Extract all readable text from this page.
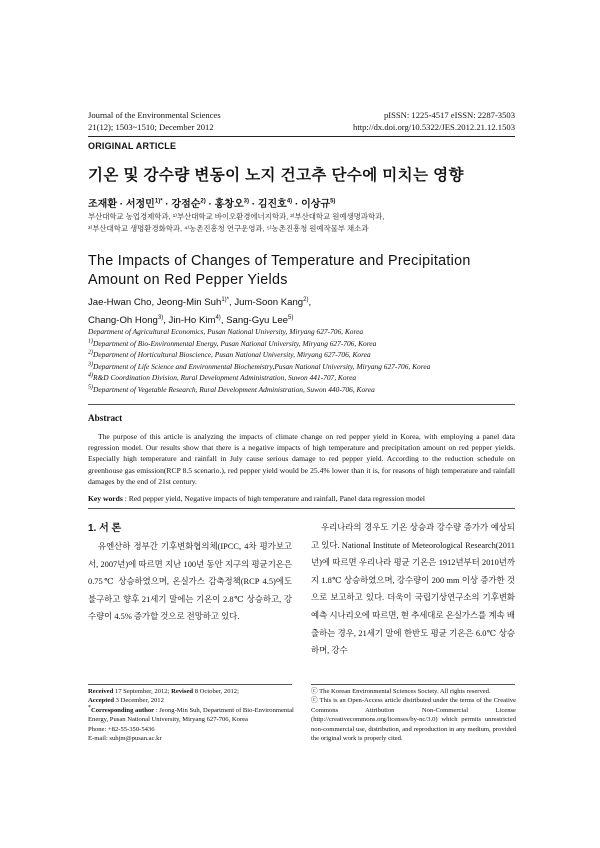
Journal of the Environmental Sciences
21(12); 1503~1510; December 2012
pISSN: 1225-4517 eISSN: 2287-3503
http://dx.doi.org/10.5322/JES.2012.21.12.1503
ORIGINAL ARTICLE
기온 및 강수량 변동이 노지 건고추 단수에 미치는 영향
조재환 · 서정민$^{1)*}$ · 강점순$^{2)}$ · 홍창오$^{3)}$ · 김진호$^{4)}$ · 이상규$^{5)}$
부산대학교 농업경제학과, ¹⁾부산대학교 바이오환경에너지학과, ²⁾부산대학교 원예생명과학과,
³⁾부산대학교 생명환경화학과, ⁴⁾농촌진흥청 연구운영과, ⁵⁾농촌진흥청 원예작물부 채소과
The Impacts of Changes of Temperature and Precipitation Amount on Red Pepper Yields
Jae-Hwan Cho, Jeong-Min Suh$^{1)*}$, Jum-Soon Kang$^{2)}$,
Chang-Oh Hong$^{3)}$, Jin-Ho Kim$^{4)}$, Sang-Gyu Lee$^{5)}$
Department of Agricultural Economics, Pusan National University, Miryang 627-706, Korea
$^{1)}$Department of Bio-Environmental Energy, Pusan National University, Miryang 627-706, Korea
$^{2)}$Department of Horticultural Bioscience, Pusan National University, Miryang 627-706, Korea
$^{3)}$Department of Life Science and Environmental Biochemistry,Pusan National University, Miryang 627-706, Korea
$^{4)}$R&D Coordination Division, Rural Development Administration, Suwon 441-707, Korea
$^{5)}$Department of Vegetable Research, Rural Development Administration, Suwon 440-706, Korea
Abstract
The purpose of this article is analyzing the impacts of climate change on red pepper yield in Korea, with employing a panel data regression model. Our results show that there is a negative impacts of high temperature and precipitation amount on red pepper yields. Especially high temperature and rainfall in July cause serious damage to red pepper yield. According to the reduction schedule on greenhouse gas emission(RCP 8.5 scenario.), red pepper yield would be 25.4% lower than it is, for reasons of high temperature and rainfall damages by the end of 21st century.
Key words : Red pepper yield, Negative impacts of high temperature and rainfall, Panel data regression model
1. 서 론
유엔산하 정부간 기후변화협의체(IPCC, 4차 평가보고서, 2007년)에 따르면 지난 100년 동안 지구의 평균기온은 0.75℃ 상승하였으며, 온실가스 감축정책(RCP 4.5)에도 불구하고 향후 21세기 말에는 기온이 2.8℃ 상승하고, 강수량이 4.5% 증가할 것으로 전망하고 있다.
우리나라의 경우도 기온 상승과 강수량 증가가 예상되고 있다. National Institute of Meteorological Research(2011년)에 따르면 우리나라 평균 기온은 1912년부터 2010년까지 1.8℃ 상승하였으며, 강수량이 200 mm 이상 증가한 것으로 보고하고 있다. 더욱이 국립기상연구소의 기후변화 예측 시나리오에 따르면, 현 추세대로 온실가스를 계속 배출하는 경우, 21세기 말에 한반도 평균 기온은 6.0℃ 상승하며, 강수
Received 17 September, 2012; Revised 8 October, 2012;
Accepted 3 December, 2012
*Corresponding author : Jeong-Min Suh, Department of Bio-Environmental Energy, Pusan National University, Miryang 627-706, Korea
Phone: +82-55-350-5436
E-mail: suhjm@pusan.ac.kr
ⓒ The Korean Environmental Sciences Society. All rights reserved.
ⓒ This is an Open-Access article distributed under the terms of the Creative Commons Attribution Non-Commercial License (http://creativecommons.org/licenses/by-nc/3.0) which permits unrestricted non-commercial use, distribution, and reproduction in any medium, provided the original work is properly cited.
